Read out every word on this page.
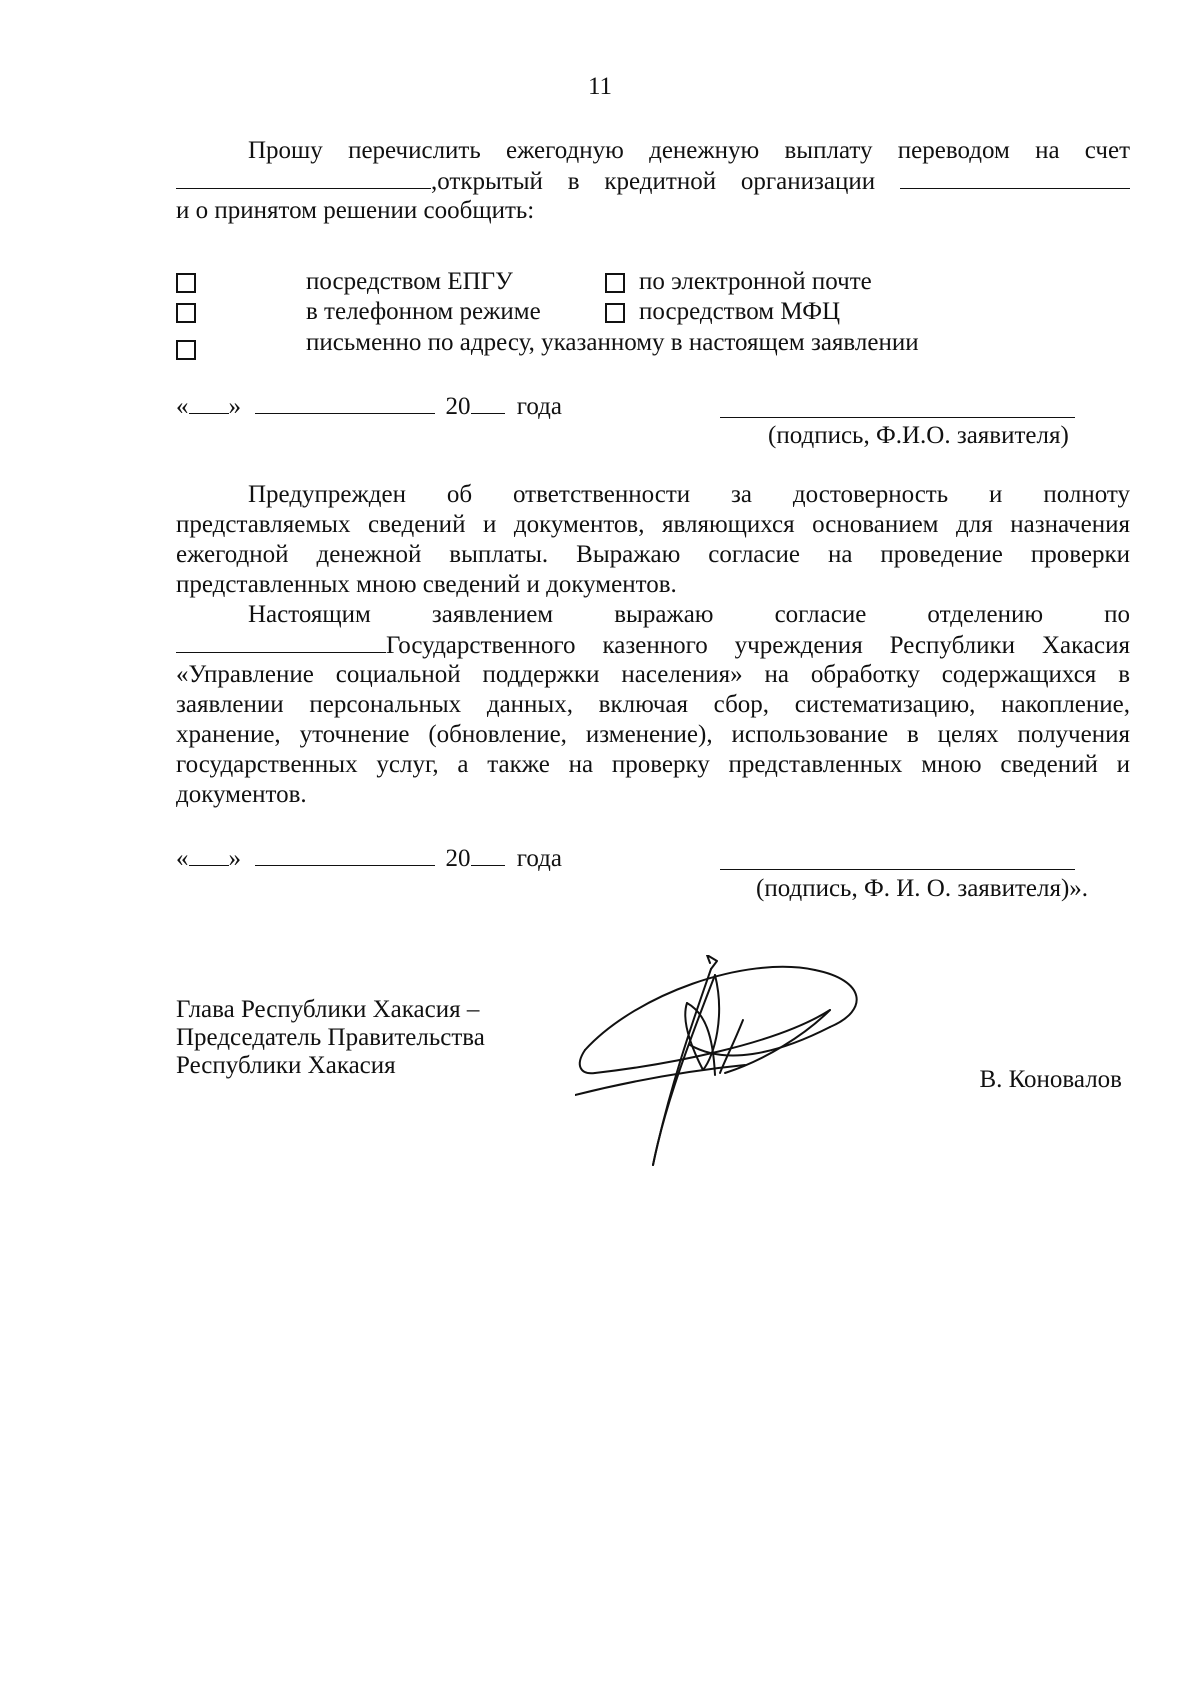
11
Прошу перечислить ежегодную денежную выплату переводом на счет
,открытый в кредитной организации
и о принятом решении сообщить:
посредством ЕПГУ	по электронной почте
в телефонном режиме	посредством МФЦ
письменно по адресу, указанному в настоящем заявлении
« »	20 года
(подпись, Ф.И.О. заявителя)
Предупрежден об ответственности за достоверность и полноту
представляемых сведений и документов, являющихся основанием для назначения
ежегодной денежной выплаты. Выражаю согласие на проведение проверки
представленных мною сведений и документов.
Настоящим заявлением выражаю согласие отделению по
Государственного казенного учреждения Республики Хакасия
«Управление социальной поддержки населения» на обработку содержащихся в
заявлении персональных данных, включая сбор, систематизацию, накопление,
хранение, уточнение (обновление, изменение), использование в целях получения
государственных услуг, а также на проверку представленных мною сведений и
документов.
« »	20 года
(подпись, Ф. И. О. заявителя)».
Глава Республики Хакасия –
Председатель Правительства
Республики Хакасия
В. Коновалов
